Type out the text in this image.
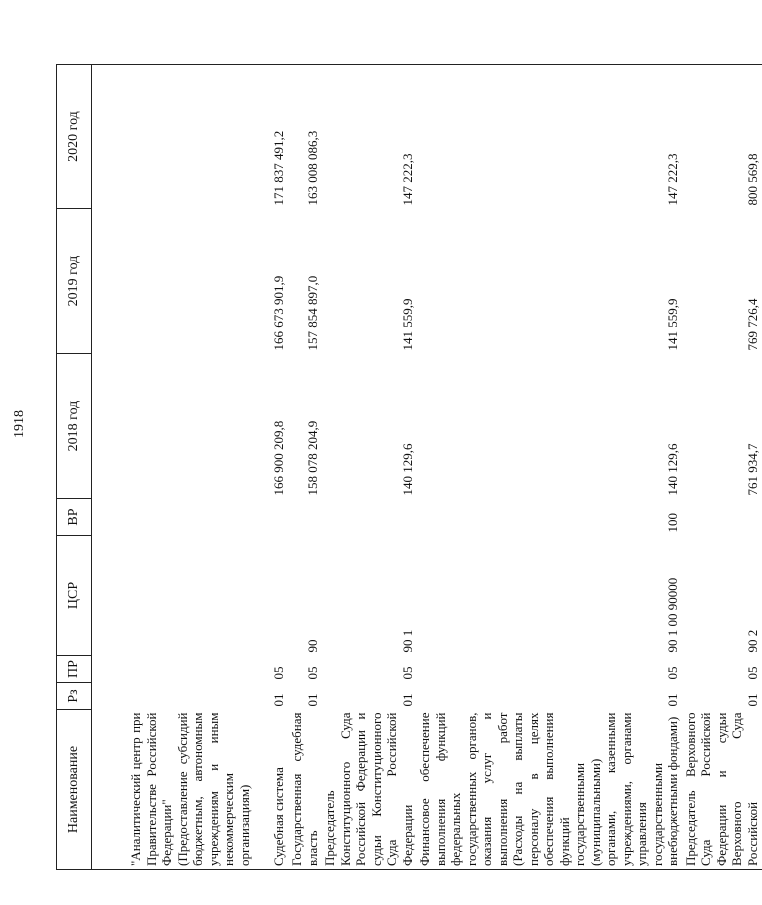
1918
Наименование	Рз	ПР	ЦСР	ВР	2018 год	2019 год	2020 год
"Аналитический центр при Правительстве Российской Федерации" (Предоставление субсидий бюджетным, автономным учреждениям и иным некоммерческим организациям)							
Судебная система	01	05			166 900 209,8	166 673 901,9	171 837 491,2
Государственная судебная власть	01	05	90		158 078 204,9	157 854 897,0	163 008 086,3
Председатель Конституционного Суда Российской Федерации и судьи Конституционного Суда Российской Федерации	01	05	90 1		140 129,6	141 559,9	147 222,3
Финансовое обеспечение выполнения функций федеральных государственных органов, оказания услуг и выполнения работ (Расходы на выплаты персоналу в целях обеспечения выполнения функций государственными (муниципальными) органами, казенными учреждениями, органами управления государственными внебюджетными фондами)	01	05	90 1 00 90000	100	140 129,6	141 559,9	147 222,3
Председатель Верховного Суда Российской Федерации и судьи Верховного Суда Российской	01	05	90 2		761 934,7	769 726,4	800 569,8
